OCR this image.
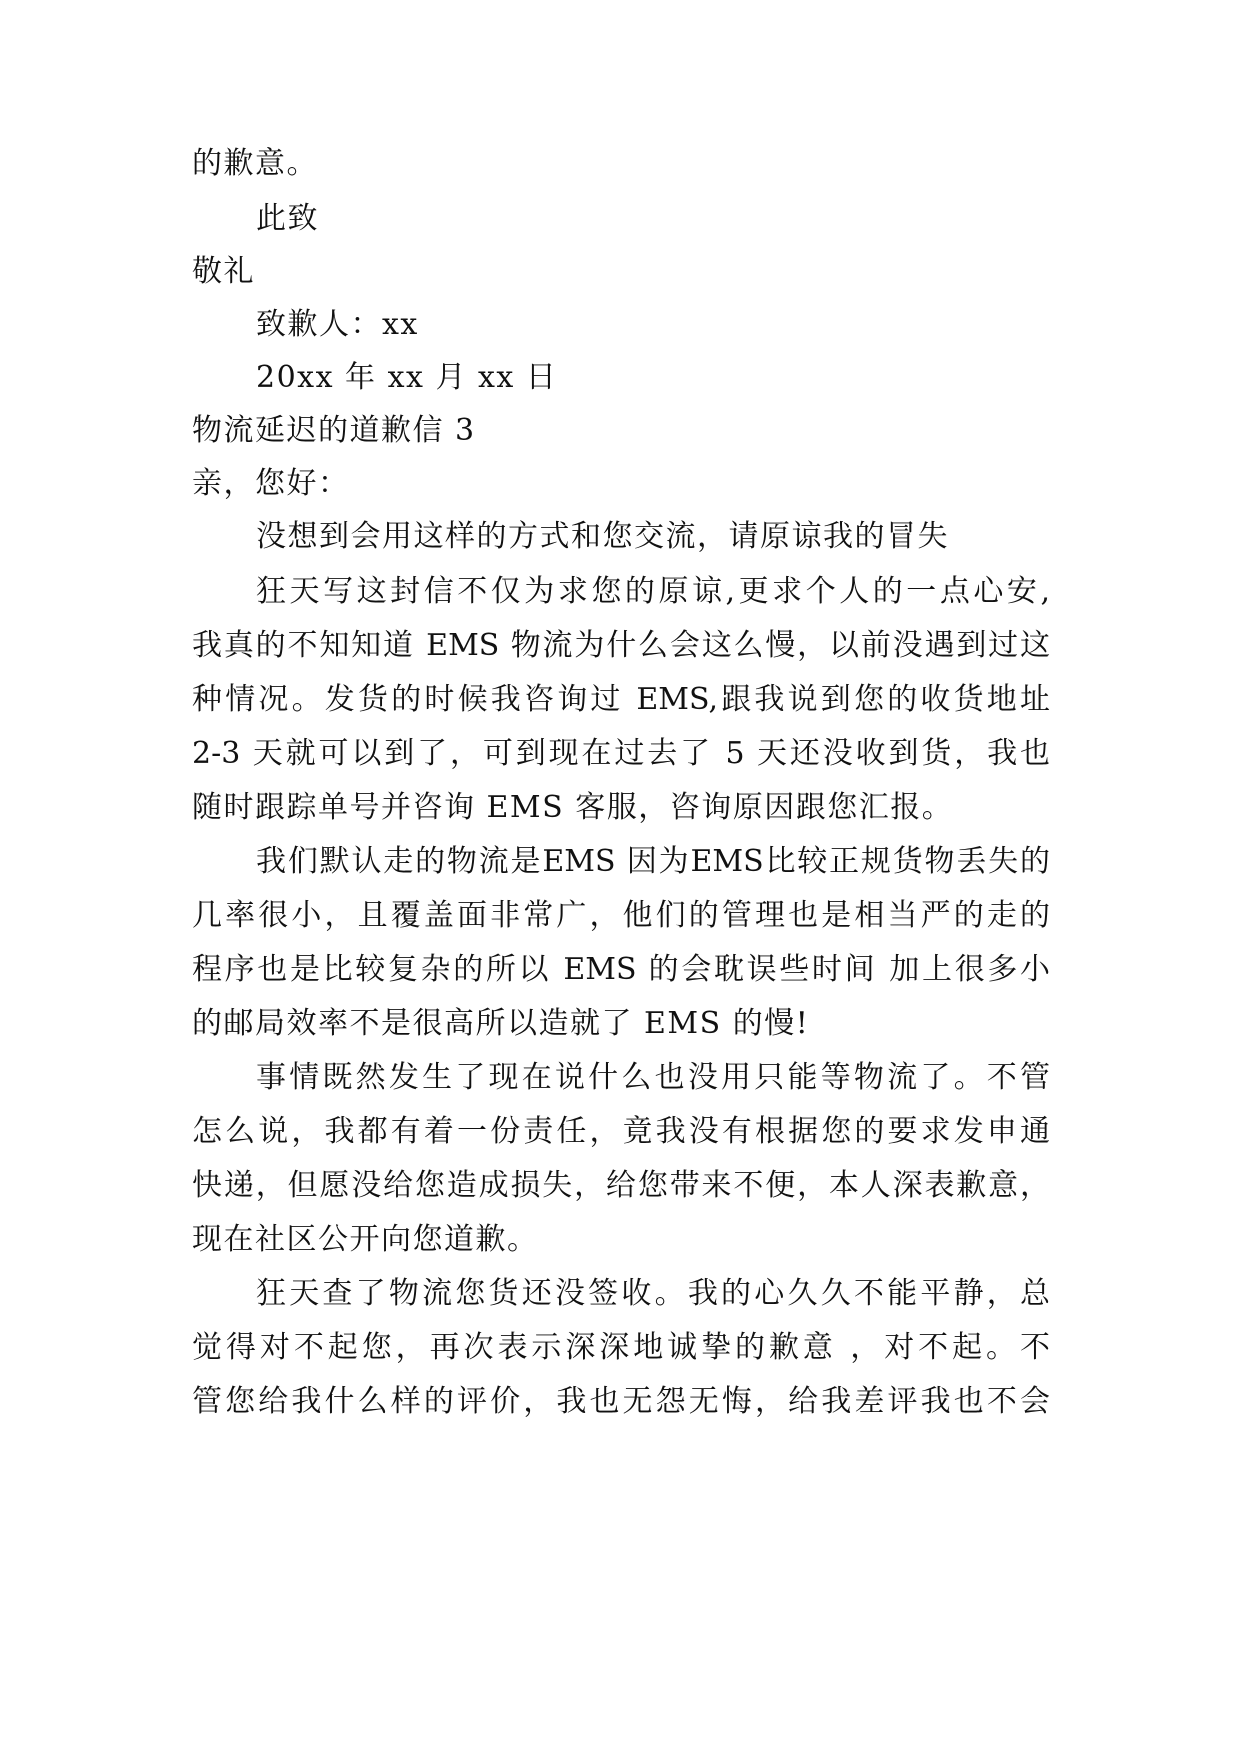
的歉意。
此致
敬礼
致歉人：xx
20xx 年 xx 月 xx 日
物流延迟的道歉信 3
亲，您好：
没想到会用这样的方式和您交流，请原谅我的冒失
狂天写这封信不仅为求您的原谅,更求个人的一点心安,
我真的不知知道 EMS 物流为什么会这么慢，以前没遇到过这
种情况。发货的时候我咨询过 EMS,跟我说到您的收货地址
2-3 天就可以到了，可到现在过去了 5 天还没收到货，我也
随时跟踪单号并咨询 EMS 客服，咨询原因跟您汇报。
我们默认走的物流是EMS 因为EMS比较正规货物丢失的
几率很小，且覆盖面非常广，他们的管理也是相当严的走的
程序也是比较复杂的所以 EMS 的会耽误些时间 加上很多小
的邮局效率不是很高所以造就了 EMS 的慢!
事情既然发生了现在说什么也没用只能等物流了。不管
怎么说，我都有着一份责任，竟我没有根据您的要求发申通
快递，但愿没给您造成损失，给您带来不便，本人深表歉意，
现在社区公开向您道歉。
狂天查了物流您货还没签收。我的心久久不能平静，总
觉得对不起您，再次表示深深地诚挚的歉意 ，对不起。不
管您给我什么样的评价，我也无怨无悔，给我差评我也不会
